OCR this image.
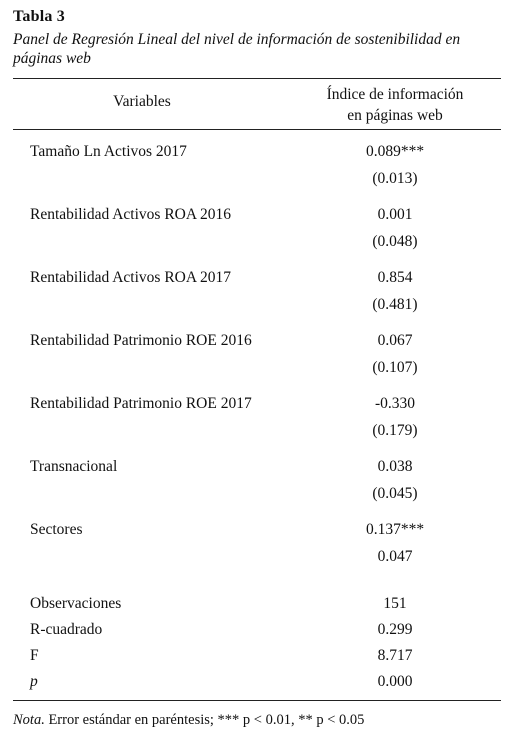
Tabla 3
Panel de Regresión Lineal del nivel de información de sostenibilidad en páginas web
Variables	Índice de información
en páginas web
Tamaño Ln Activos 2017	0.089***
(0.013)
Rentabilidad Activos ROA 2016	0.001
(0.048)
Rentabilidad Activos ROA 2017	0.854
(0.481)
Rentabilidad Patrimonio ROE 2016	0.067
(0.107)
Rentabilidad Patrimonio ROE 2017	-0.330
(0.179)
Transnacional	0.038
(0.045)
Sectores	0.137***
0.047
Observaciones	151
R-cuadrado	0.299
F	8.717
p	0.000
Nota. Error estándar en paréntesis; *** p < 0.01, ** p < 0.05
